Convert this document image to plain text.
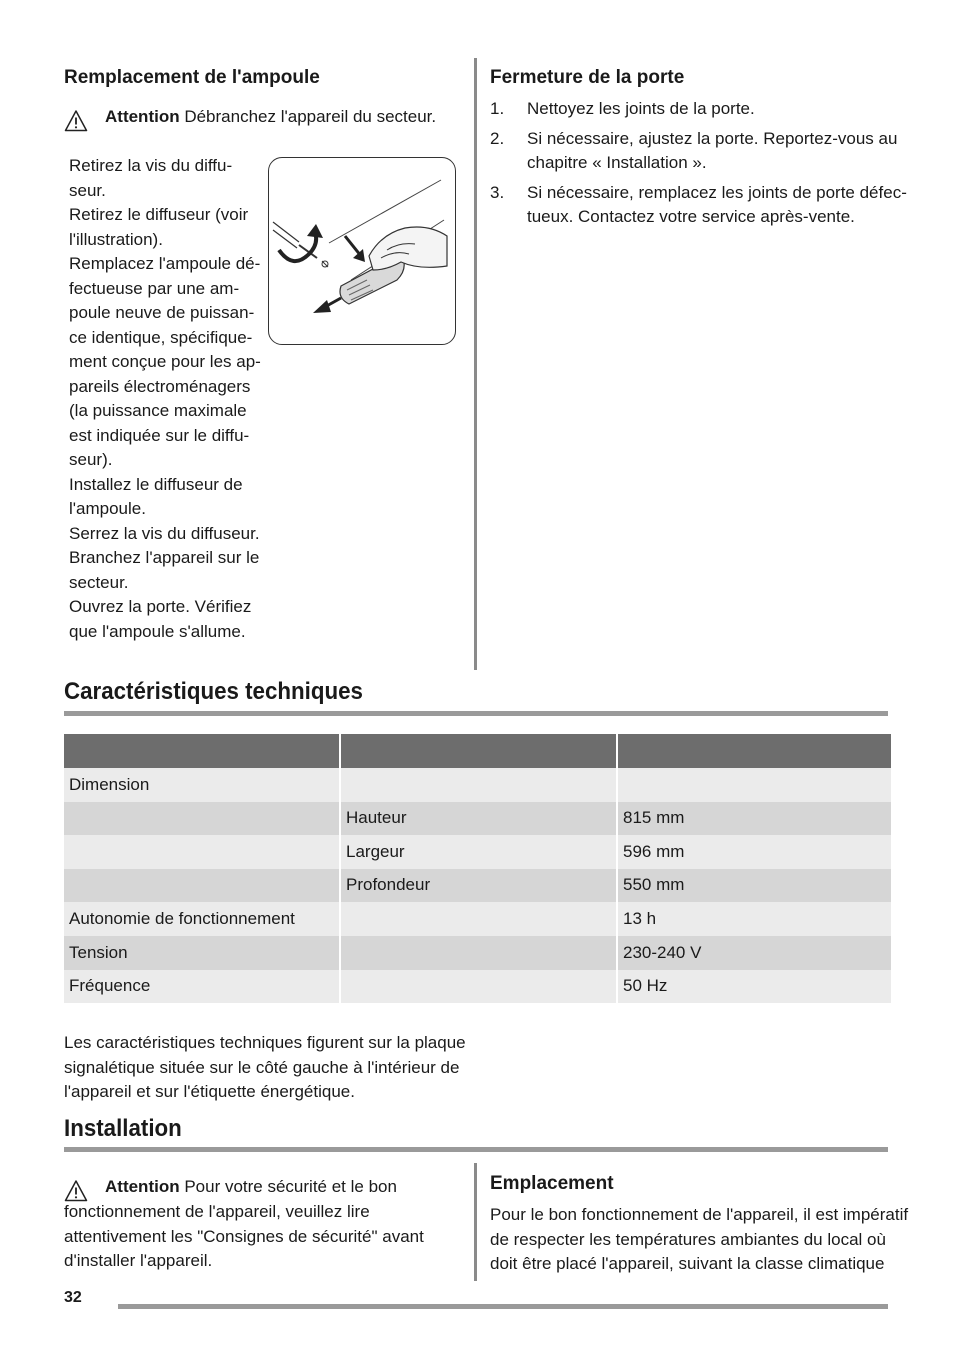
Remplacement de l'ampoule
Attention Débranchez l'appareil du secteur.
Retirez la vis du diffu-
seur.
Retirez le diffuseur (voir
l'illustration).
Remplacez l'ampoule dé-
fectueuse par une am-
poule neuve de puissan-
ce identique, spécifique-
ment conçue pour les ap-
pareils électroménagers
(la puissance maximale
est indiquée sur le diffu-
seur).
Installez le diffuseur de
l'ampoule.
Serrez la vis du diffuseur.
Branchez l'appareil sur le
secteur.
Ouvrez la porte. Vérifiez
que l'ampoule s'allume.
Fermeture de la porte
1.	Nettoyez les joints de la porte.
2.	Si nécessaire, ajustez la porte. Reportez-vous au
chapitre « Installation ».
3.	Si nécessaire, remplacez les joints de porte défec-
tueux. Contactez votre service après-vente.
Caractéristiques techniques

Dimension		
	Hauteur	815 mm
	Largeur	596 mm
	Profondeur	550 mm
Autonomie de fonctionnement		13 h
Tension		230-240 V
Fréquence		50 Hz
Les caractéristiques techniques figurent sur la plaque
signalétique située sur le côté gauche à l'intérieur de
l'appareil et sur l'étiquette énergétique.
Installation
Attention Pour votre sécurité et le bon
fonctionnement de l'appareil, veuillez lire
attentivement les "Consignes de sécurité" avant
d'installer l'appareil.
Emplacement
Pour le bon fonctionnement de l'appareil, il est impératif
de respecter les températures ambiantes du local où
doit être placé l'appareil, suivant la classe climatique
32
